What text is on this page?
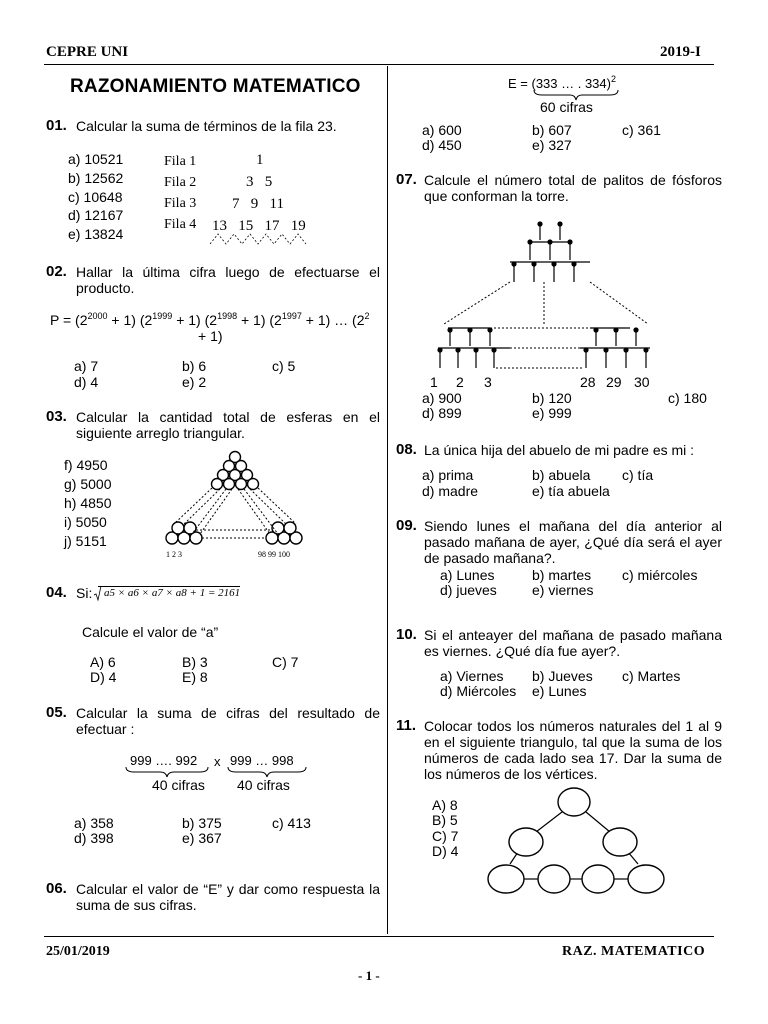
CEPRE UNI	2019-I
RAZONAMIENTO MATEMATICO
01. Calcular la suma de términos de la fila 23.
a) 10521
b) 12562
c) 10648
d) 12167
e) 13824
Fila 1	1
Fila 2	3   5
Fila 3 7   9   11
Fila 4 13   15   17   19
02. Hallar la última cifra luego de efectuarse el producto.
$P = (2^{2000} + 1) (2^{1999} + 1) (2^{1998} + 1) (2^{1997} + 1)$ … ($2^2$
+ 1)
a) 7	b) 6	c) 5
d) 4	e) 2
03. Calcular la cantidad total de esferas en el siguiente arreglo triangular.
f) 4950
g) 5000
h) 4850
i) 5050
j) 5151
1 2 3	98 99 100
04. Si:	a5 × a6 × a7 × a8 + 1 = 2161
Calcule el valor de “a”
A) 6	B) 3	C) 7
D) 4	E) 8
05. Calcular la suma de cifras del resultado de efectuar :
999 …. 992 x 999 … 998
40 cifras 40 cifras
a) 358	b) 375	c) 413
d) 398	e) 367
06. Calcular el valor de “E” y dar como respuesta la suma de sus cifras.
E = (333 … . 334)$^2$
60 cifras
a) 600	b) 607	c) 361
d) 450	e) 327
07. Calcule el número total de palitos de fósforos que conforman la torre.
1 2 3	28 29 30
a) 900	b) 120	c) 180
d) 899	e) 999
08. La única hija del abuelo de mi padre es mi :
a) prima	b) abuela c) tía
d) madre	e) tía abuela
09. Siendo lunes el mañana del día anterior al pasado mañana de ayer, ¿Qué día será el ayer de pasado mañana?.
a) Lunes	b) martes c) miércoles
d) jueves	e) viernes
10. Si el anteayer del mañana de pasado mañana es viernes. ¿Qué día fue ayer?.
a) Viernes b) Jueves c) Martes
d) Miércoles e) Lunes
11. Colocar todos los números naturales del 1 al 9 en el siguiente triangulo, tal que la suma de los números de cada lado sea 17. Dar la suma de los números de los vértices.
A) 8
B) 5
C) 7
D) 4
25/01/2019	RAZ. MATEMATICO
- 1 -
